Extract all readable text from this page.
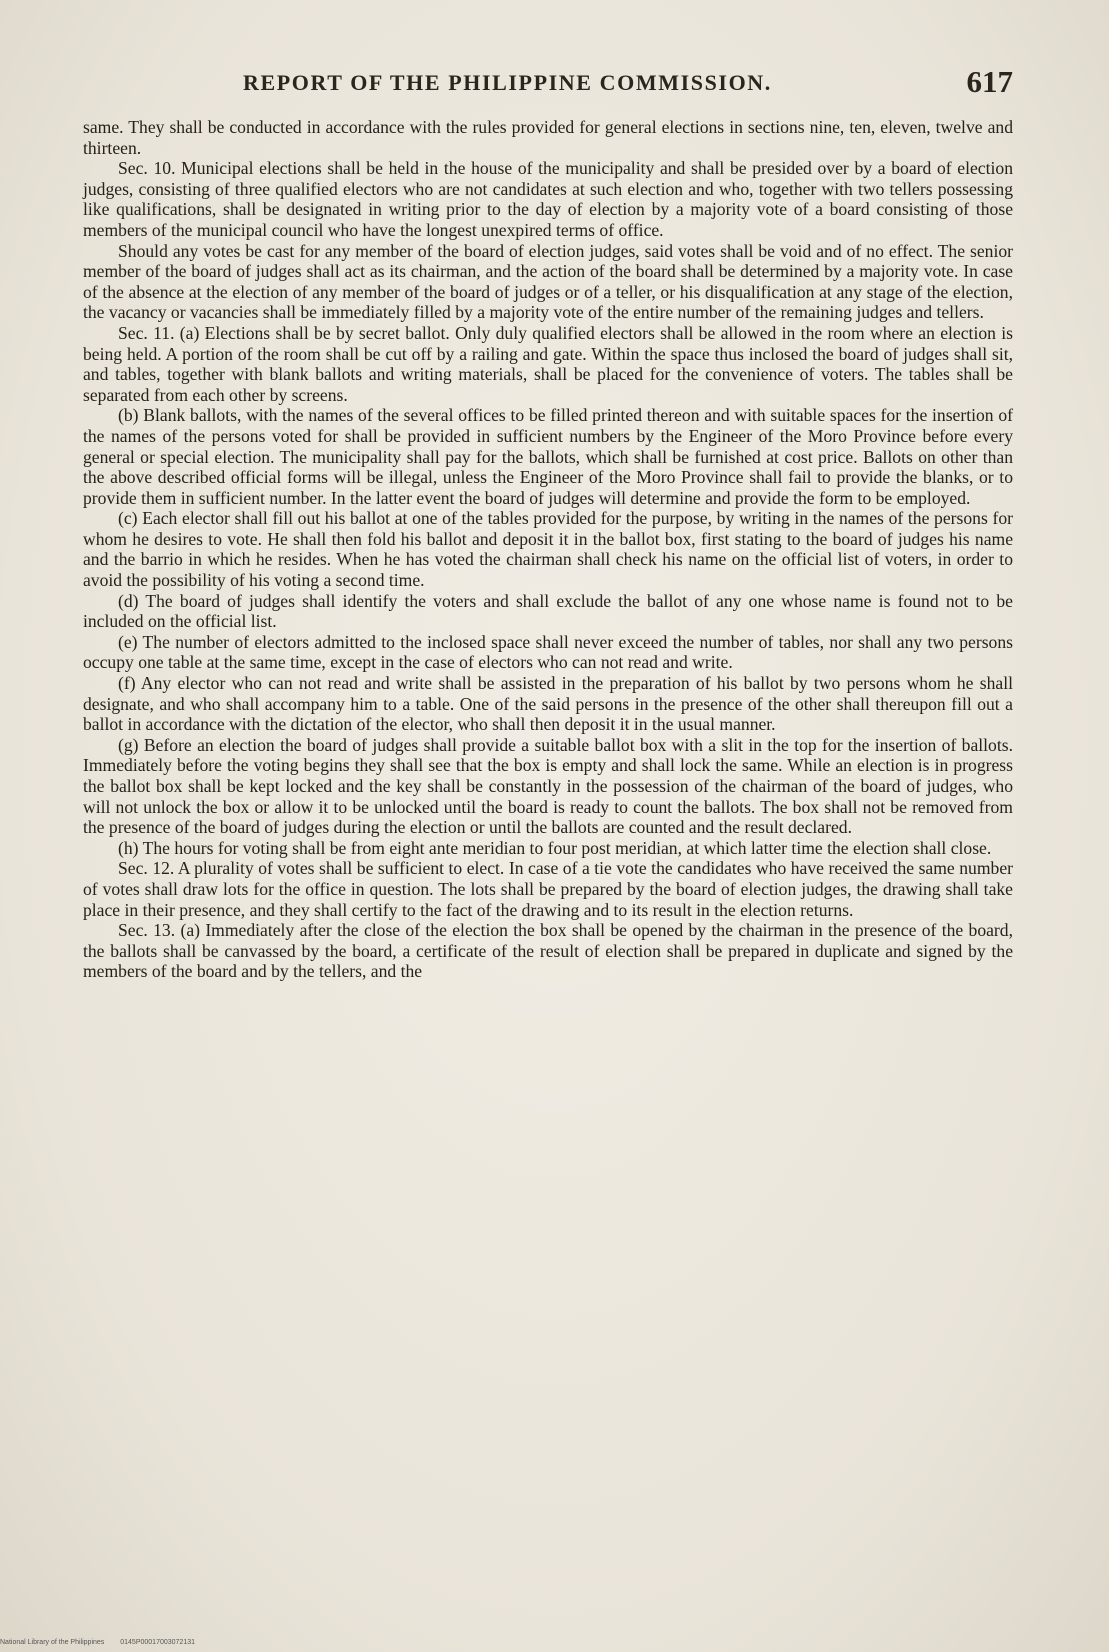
REPORT OF THE PHILIPPINE COMMISSION.	617

same. They shall be conducted in accordance with the rules provided for general elections in sections nine, ten, eleven, twelve and thirteen.

Sec. 10. Municipal elections shall be held in the house of the municipality and shall be presided over by a board of election judges, consisting of three qualified electors who are not candidates at such election and who, together with two tellers possessing like qualifications, shall be designated in writing prior to the day of election by a majority vote of a board consisting of those members of the municipal council who have the longest unexpired terms of office.

Should any votes be cast for any member of the board of election judges, said votes shall be void and of no effect. The senior member of the board of judges shall act as its chairman, and the action of the board shall be determined by a majority vote. In case of the absence at the election of any member of the board of judges or of a teller, or his disqualification at any stage of the election, the vacancy or vacancies shall be immediately filled by a majority vote of the entire number of the remaining judges and tellers.

Sec. 11. (a) Elections shall be by secret ballot. Only duly qualified electors shall be allowed in the room where an election is being held. A portion of the room shall be cut off by a railing and gate. Within the space thus inclosed the board of judges shall sit, and tables, together with blank ballots and writing materials, shall be placed for the convenience of voters. The tables shall be separated from each other by screens.

(b) Blank ballots, with the names of the several offices to be filled printed thereon and with suitable spaces for the insertion of the names of the persons voted for shall be provided in sufficient numbers by the Engineer of the Moro Province before every general or special election. The municipality shall pay for the ballots, which shall be furnished at cost price. Ballots on other than the above described official forms will be illegal, unless the Engineer of the Moro Province shall fail to provide the blanks, or to provide them in sufficient number. In the latter event the board of judges will determine and provide the form to be employed.

(c) Each elector shall fill out his ballot at one of the tables provided for the purpose, by writing in the names of the persons for whom he desires to vote. He shall then fold his ballot and deposit it in the ballot box, first stating to the board of judges his name and the barrio in which he resides. When he has voted the chairman shall check his name on the official list of voters, in order to avoid the possibility of his voting a second time.

(d) The board of judges shall identify the voters and shall exclude the ballot of any one whose name is found not to be included on the official list.

(e) The number of electors admitted to the inclosed space shall never exceed the number of tables, nor shall any two persons occupy one table at the same time, except in the case of electors who can not read and write.

(f) Any elector who can not read and write shall be assisted in the preparation of his ballot by two persons whom he shall designate, and who shall accompany him to a table. One of the said persons in the presence of the other shall thereupon fill out a ballot in accordance with the dictation of the elector, who shall then deposit it in the usual manner.

(g) Before an election the board of judges shall provide a suitable ballot box with a slit in the top for the insertion of ballots. Immediately before the voting begins they shall see that the box is empty and shall lock the same. While an election is in progress the ballot box shall be kept locked and the key shall be constantly in the possession of the chairman of the board of judges, who will not unlock the box or allow it to be unlocked until the board is ready to count the ballots. The box shall not be removed from the presence of the board of judges during the election or until the ballots are counted and the result declared.

(h) The hours for voting shall be from eight ante meridian to four post meridian, at which latter time the election shall close.

Sec. 12. A plurality of votes shall be sufficient to elect. In case of a tie vote the candidates who have received the same number of votes shall draw lots for the office in question. The lots shall be prepared by the board of election judges, the drawing shall take place in their presence, and they shall certify to the fact of the drawing and to its result in the election returns.

Sec. 13. (a) Immediately after the close of the election the box shall be opened by the chairman in the presence of the board, the ballots shall be canvassed by the board, a certificate of the result of election shall be prepared in duplicate and signed by the members of the board and by the tellers, and the

National Library of the Philippines 0145P00017003072131
